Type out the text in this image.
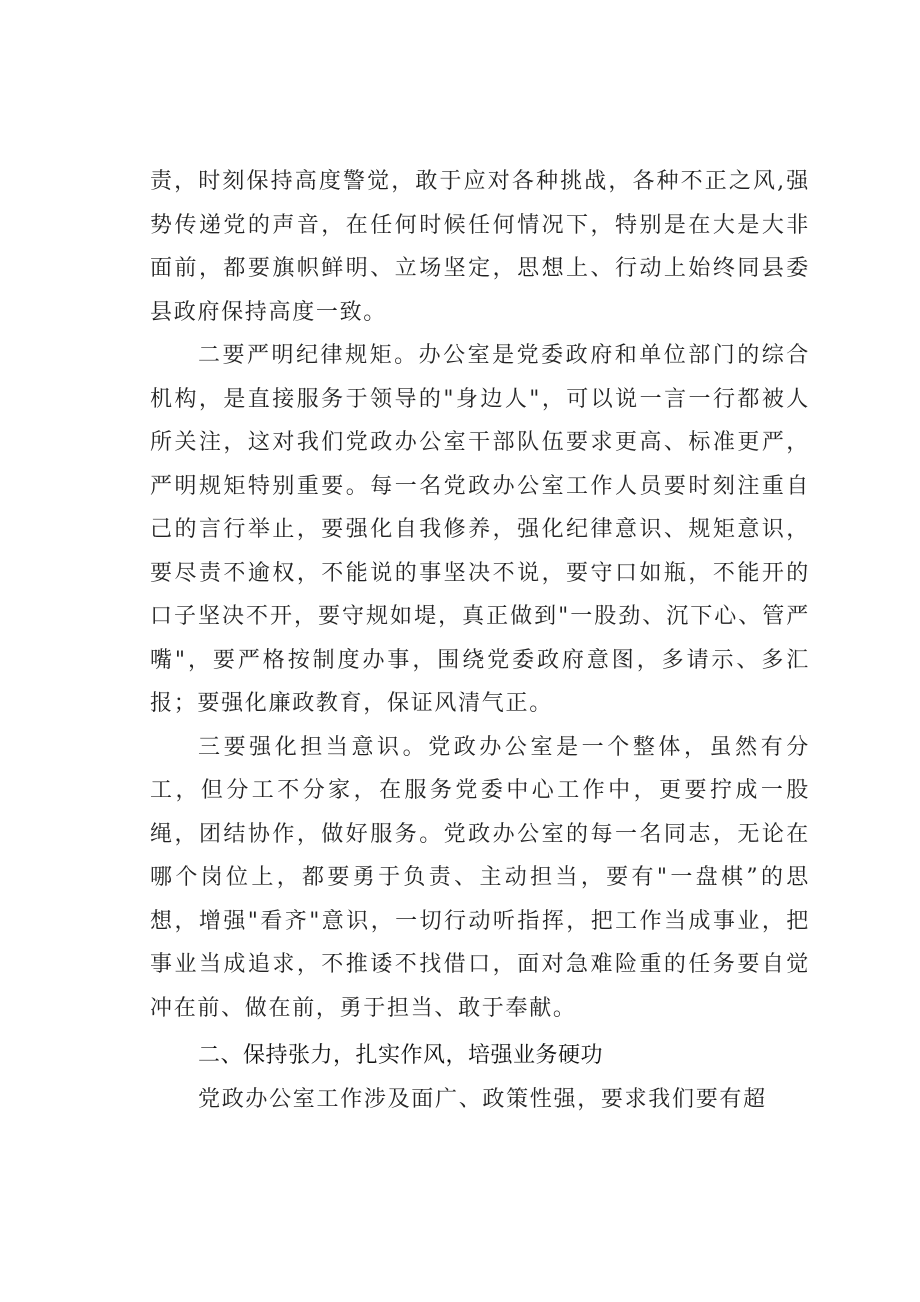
责，时刻保持高度警觉，敢于应对各种挑战，各种不正之风,强势传递党的声音，在任何时候任何情况下，特别是在大是大非面前，都要旗帜鲜明、立场坚定，思想上、行动上始终同县委县政府保持高度一致。

二要严明纪律规矩。办公室是党委政府和单位部门的综合机构，是直接服务于领导的"身边人"，可以说一言一行都被人所关注，这对我们党政办公室干部队伍要求更高、标准更严，严明规矩特别重要。每一名党政办公室工作人员要时刻注重自己的言行举止，要强化自我修养，强化纪律意识、规矩意识，要尽责不逾权，不能说的事坚决不说，要守口如瓶，不能开的口子坚决不开，要守规如堤，真正做到"一股劲、沉下心、管严嘴"，要严格按制度办事，围绕党委政府意图，多请示、多汇报；要强化廉政教育，保证风清气正。

三要强化担当意识。党政办公室是一个整体，虽然有分工，但分工不分家，在服务党委中心工作中，更要拧成一股绳，团结协作，做好服务。党政办公室的每一名同志，无论在哪个岗位上，都要勇于负责、主动担当，要有"一盘棋”的思想，增强"看齐"意识，一切行动听指挥，把工作当成事业，把事业当成追求，不推诿不找借口，面对急难险重的任务要自觉冲在前、做在前，勇于担当、敢于奉献。

二、保持张力，扎实作风，培强业务硬功

党政办公室工作涉及面广、政策性强，要求我们要有超
